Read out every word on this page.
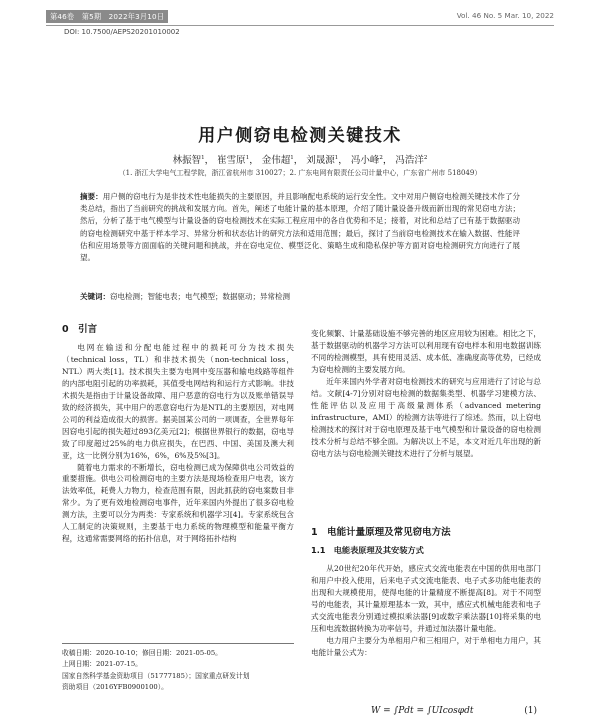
第46卷　第5期　2022年3月10日	Vol. 46 No. 5 Mar. 10, 2022
DOI: 10.7500/AEPS20201010002
用户侧窃电检测关键技术
林振智$^1$， 崔雪原$^1$， 金伟超$^1$， 刘晟源$^1$， 冯小峰$^2$， 冯浩洋$^2$
（1. 浙江大学电气工程学院，浙江省杭州市 310027；2. 广东电网有限责任公司计量中心，广东省广州市 518049）
摘要：用户侧的窃电行为是非技术性电能损失的主要原因，并且影响配电系统的运行安全性。文中对用户侧窃电检测关键技术作了分类总结，指出了当前研究的挑战和发展方向。首先，阐述了电能计量的基本原理，介绍了随计量设备升级而新出现的常见窃电方法；然后，分析了基于电气模型与计量设备的窃电检测技术在实际工程应用中的各自优势和不足；接着，对比和总结了已有基于数据驱动的窃电检测研究中基于样本学习、异常分析和状态估计的研究方法和适用范围；最后，探讨了当前窃电检测技术在输入数据、性能评估和应用场景等方面面临的关键问题和挑战，并在窃电定位、模型泛化、策略生成和隐私保护等方面对窃电检测研究方向进行了展望。
关键词：窃电检测；智能电表；电气模型；数据驱动；异常检测
0　引言

电网在输送和分配电能过程中的损耗可分为技术损失（technical loss，TL）和非技术损失（non-technical loss，NTL）两大类[1]。技术损失主要为电网中变压器和输电线路等组件的内部电阻引起的功率损耗，其值受电网结构和运行方式影响。非技术损失是指由于计量设备故障、用户恶意的窃电行为以及账单错误导致的经济损失，其中用户的恶意窃电行为是NTL的主要原因，对电网公司的利益造成很大的损害。据美国某公司的一项调查，全世界每年因窃电引起的损失超过893亿美元[2]；根据世界银行的数据，窃电导致了印度超过25%的电力供应损失，在巴西、中国、美国及澳大利亚，这一比例分别为16%，6%，6%及5%[3]。

随着电力需求的不断增长，窃电检测已成为保障供电公司效益的重要措施。供电公司检测窃电的主要方法是现场检查用户电表，该方法效率低，耗费人力物力，检查范围有限，因此抓获的窃电案数目非常少。为了更有效地检测窃电事件，近年来国内外提出了很多窃电检测方法，主要可以分为两类：专家系统和机器学习[4]。专家系统包含人工制定的决策规则，主要基于电力系统的物理模型和能量平衡方程，这通常需要网络的拓扑信息，对于网络拓扑结构

收稿日期：2020-10-10；修回日期：2021-05-05。
上网日期：2021-07-15。
国家自然科学基金资助项目（51777185）；国家重点研发计划
资助项目（2016YFB0900100）。

变化频繁、计量基础设施不够完善的地区应用较为困难。相比之下，基于数据驱动的机器学习方法可以利用现有窃电样本和用电数据训练不同的检测模型，具有使用灵活、成本低、准确度高等优势，已经成为窃电检测的主要发展方向。

近年来国内外学者对窃电检测技术的研究与应用进行了讨论与总结。文献[4-7]分别对窃电检测的数据集类型、机器学习建模方法、性能评估以及应用于高级量测体系（advanced metering infrastructure，AMI）的检测方法等进行了综述。然而，以上窃电检测技术的探讨对于窃电原理及基于电气模型和计量设备的窃电检测技术分析与总结不够全面。为解决以上不足，本文对近几年出现的新窃电方法与窃电检测关键技术进行了分析与展望。

1　电能计量原理及常见窃电方法
1.1　电能表原理及其安装方式

从20世纪20年代开始，感应式交流电能表在中国的供用电部门和用户中投入使用，后来电子式交流电能表、电子式多功能电能表的出现和大规模使用，使得电能的计量精度不断提高[8]。对于不同型号的电能表，其计量原理基本一致，其中，感应式机械电能表和电子式交流电能表分别通过模拟乘法器[9]或数字乘法器[10]将采集的电压和电流数据转换为功率信号，并通过加法器计量电能。

电力用户主要分为单相用户和三相用户，对于单相电力用户，其电能计量公式为：

W = ∫Pdt = ∫UIcosφdt	(1)
